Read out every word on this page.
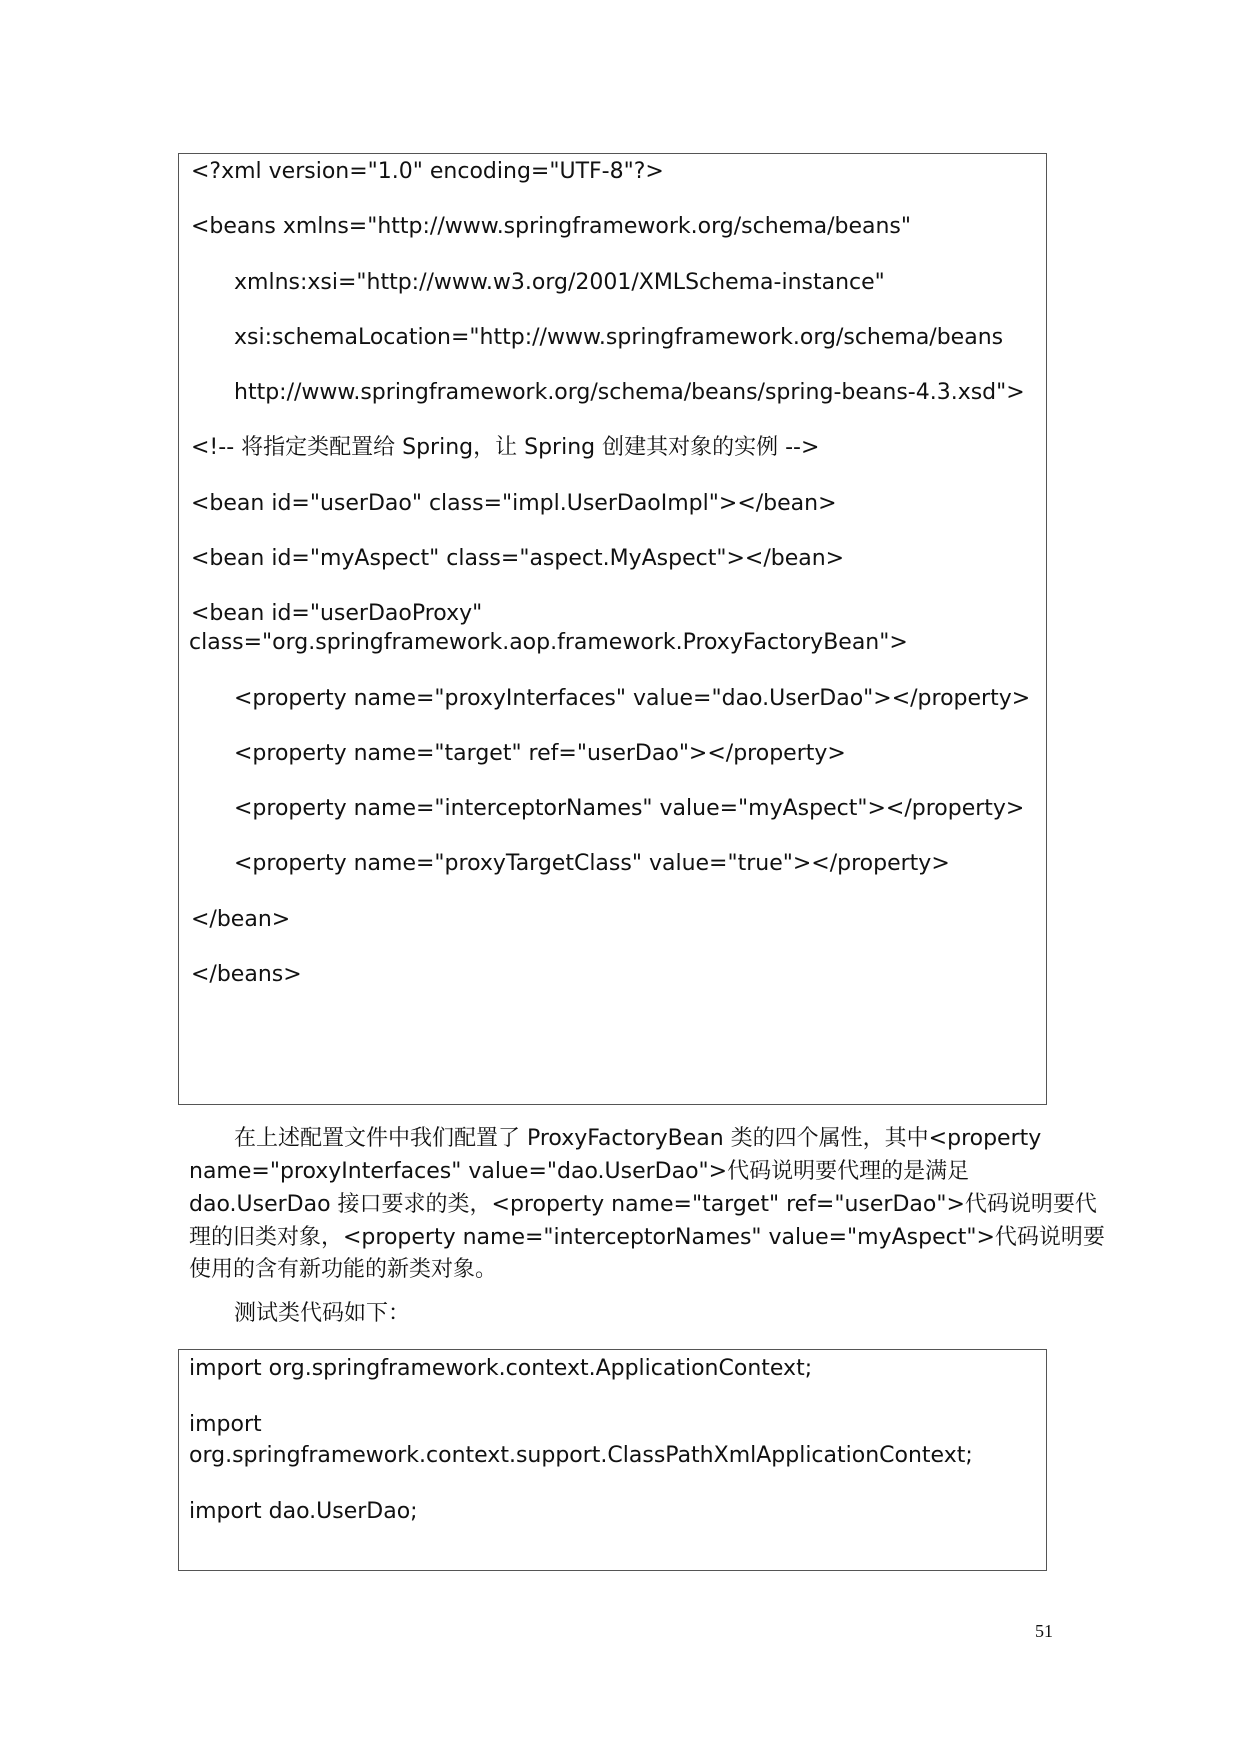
<?xml version="1.0" encoding="UTF-8"?>
<beans xmlns="http://www.springframework.org/schema/beans"
xmlns:xsi="http://www.w3.org/2001/XMLSchema-instance"
xsi:schemaLocation="http://www.springframework.org/schema/beans
http://www.springframework.org/schema/beans/spring-beans-4.3.xsd">
<!-- 将指定类配置给 Spring，让 Spring 创建其对象的实例 -->
<bean id="userDao" class="impl.UserDaoImpl"></bean>
<bean id="myAspect" class="aspect.MyAspect"></bean>
<bean id="userDaoProxy"
class="org.springframework.aop.framework.ProxyFactoryBean">
<property name="proxyInterfaces" value="dao.UserDao"></property>
<property name="target" ref="userDao"></property>
<property name="interceptorNames" value="myAspect"></property>
<property name="proxyTargetClass" value="true"></property>
</bean>
</beans>
在上述配置文件中我们配置了 ProxyFactoryBean 类的四个属性，其中<property
name="proxyInterfaces" value="dao.UserDao">代码说明要代理的是满足
dao.UserDao 接口要求的类，<property name="target" ref="userDao">代码说明要代
理的旧类对象，<property name="interceptorNames" value="myAspect">代码说明要
使用的含有新功能的新类对象。
测试类代码如下：
import org.springframework.context.ApplicationContext;
import
org.springframework.context.support.ClassPathXmlApplicationContext;
import dao.UserDao;
51
